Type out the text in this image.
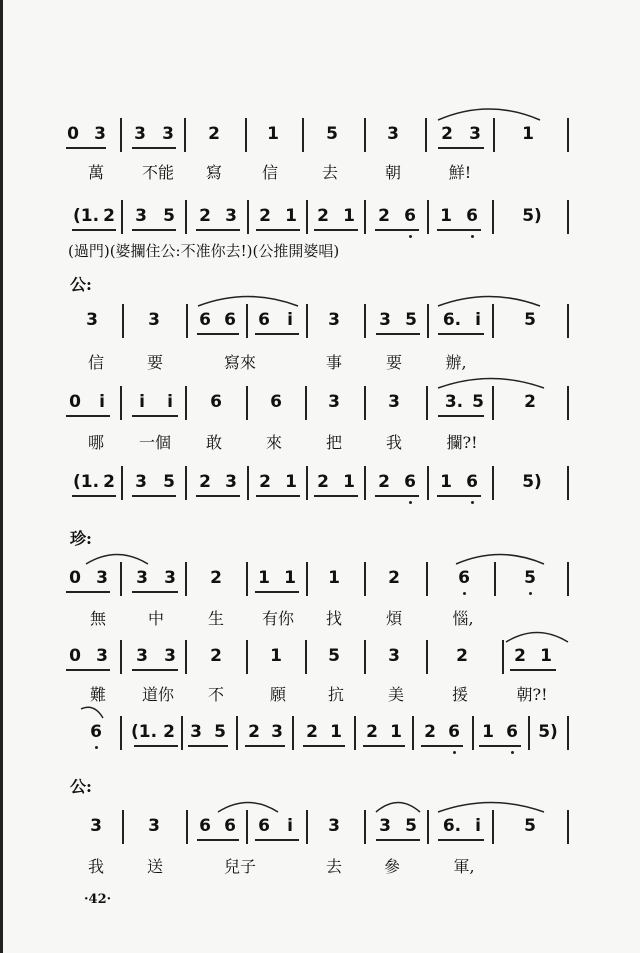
0 3 3 3 2	1	5	3 2 3 1
萬 不能 寫 信	去	朝	鮮!
(1. 2 3 5 2 3 2 1 2 1 2 6 1 6	5)
(過門)(婆攔住公:不准你去!)(公推開婆唱)
公:
3	3 6 6 6 i 3 3 5 6. i	5
信	要	寫來	事	要	辦,
0 i i i 6	6	3	3	3. 5 2
哪 一個 敢	來	把	我	攔?!
(1. 2 3 5 2 3 2 1 2 1 2 6 1 6	5)
珍:
0 3 3 3 2 1 1 1	2	6	5
無	中	生 有你 找	煩	惱,
0 3 3 3 2	1	5	3	2	2 1
難 道你 不	願	抗	美	援	朝?!
6 (1. 2 3 5 2 3 2 1 2 1 2 6 1 6 5)
公:
3	3 6 6 6 i 3 3 5 6. i	5
我	送	兒子	去	參	軍,
·42·
